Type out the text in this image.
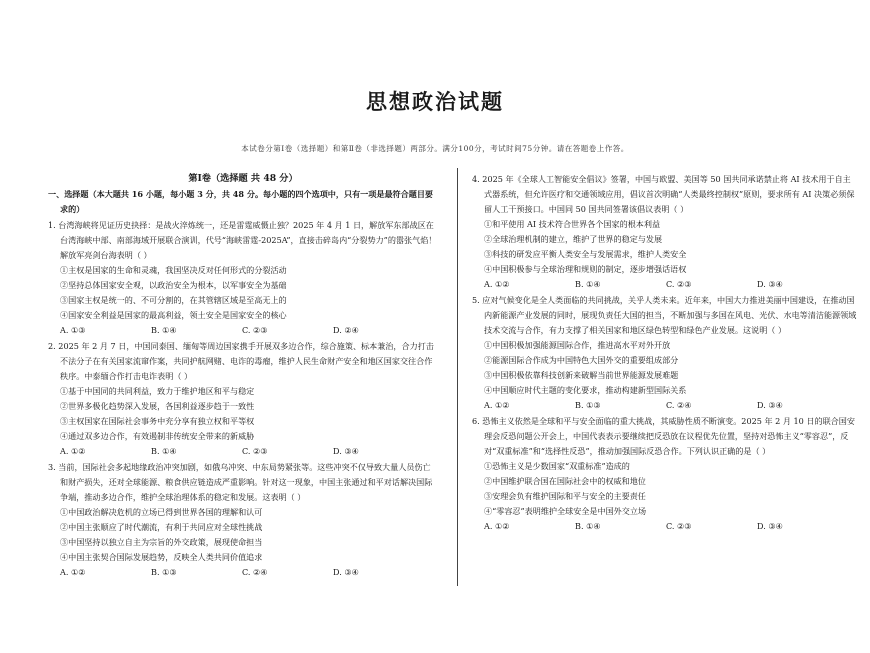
思想政治试题
本试卷分第Ⅰ卷（选择题）和第Ⅱ卷（非选择题）两部分。满分100分，考试时间75分钟。请在答题卷上作答。
第Ⅰ卷（选择题 共 48 分）
一、选择题（本大题共 16 小题，每小题 3 分，共 48 分。每小题的四个选项中，只有一项是最符合题目要求的）
1. 台湾海峡将见证历史抉择：是战火淬炼统一，还是雷霆威慑止独？2025 年 4 月 1 日，解放军东部战区在台湾海峡中部、南部海域开展联合演训，代号“海峡雷霆-2025A”，直接击碎岛内“分裂势力”的嚣张气焰！解放军亮剑台海表明（ ）
①主权是国家的生命和灵魂，我国坚决反对任何形式的分裂活动
②坚持总体国家安全观，以政治安全为根本，以军事安全为基础
③国家主权是统一的、不可分割的，在其管辖区域是至高无上的
④国家安全利益是国家的最高利益，领土安全是国家安全的核心
A. ①③	B. ①④	C. ②③	D. ②④
2. 2025 年 2 月 7 日，中国同泰国、缅甸等周边国家携手开展双多边合作，综合施策、标本兼治，合力打击不法分子在有关国家流窜作案，共同护航网赌、电诈的毒瘤，维护人民生命财产安全和地区国家交往合作秩序。中泰缅合作打击电诈表明（ ）
①基于中国同的共同利益，致力于维护地区和平与稳定
②世界多极化趋势深入发展，各国利益逐步趋于一致性
③主权国家在国际社会事务中充分享有独立权和平等权
④通过双多边合作，有效遏制非传统安全带来的新威胁
A. ①②	B. ①④	C. ②③	D. ③④
3. 当前，国际社会多起地缘政治冲突加剧，如俄乌冲突、中东局势紧张等。这些冲突不仅导致大量人员伤亡和财产损失，还对全球能源、粮食供应链造成严重影响。针对这一现象，中国主张通过和平对话解决国际争端，推动多边合作，维护全球治理体系的稳定和发展。这表明（ ）
①中国政治解决危机的立场已得到世界各国的理解和认可
②中国主张顺应了时代潮流，有利于共同应对全球性挑战
③中国坚持以独立自主为宗旨的外交政策，展现使命担当
④中国主张契合国际发展趋势，反映全人类共同价值追求
A. ①②	B. ①③	C. ②④	D. ③④
4. 2025 年《全球人工智能安全倡议》签署，中国与欧盟、美国等 50 国共同承诺禁止将 AI 技术用于自主式器系统，但允许医疗和交通领域应用，倡议首次明确“人类最终控制权”原则，要求所有 AI 决策必须保留人工干预接口。中国同 50 国共同签署该倡议表明（ ）
①和平使用 AI 技术符合世界各个国家的根本利益
②全球治理机制的建立，维护了世界的稳定与发展
③科技的研发应平衡人类安全与发展需求，维护人类安全
④中国积极参与全球治理和规则的制定，逐步增强话语权
A. ①②	B. ①④	C. ②③	D. ③④
5. 应对气候变化是全人类面临的共同挑战，关乎人类未来。近年来，中国大力推进美丽中国建设，在推动国内新能源产业发展的同时，展现负责任大国的担当，不断加强与多国在风电、光伏、水电等清洁能源领域技术交流与合作，有力支撑了相关国家和地区绿色转型和绿色产业发展。这说明（ ）
①中国积极加强能源国际合作，推进高水平对外开放
②能源国际合作成为中国特色大国外交的重要组成部分
③中国积极依靠科技创新来破解当前世界能源发展难题
④中国顺应时代主题的变化要求，推动构建新型国际关系
A. ①②	B. ①③	C. ②④	D. ③④
6. 恐怖主义依然是全球和平与安全面临的重大挑战，其威胁性质不断演变。2025 年 2 月 10 日的联合国安理会反恐问题公开会上，中国代表表示要继续把反恐放在议程优先位置，坚持对恐怖主义“零容忍”，反对“双重标准”和“选择性反恐”，推动加强国际反恐合作。下列认识正确的是（ ）
①恐怖主义是少数国家“双重标准”造成的
②中国维护联合国在国际社会中的权威和地位
③安理会负有维护国际和平与安全的主要责任
④“零容忍”表明维护全球安全是中国外交立场
A. ①②	B. ①④	C. ②③	D. ③④
